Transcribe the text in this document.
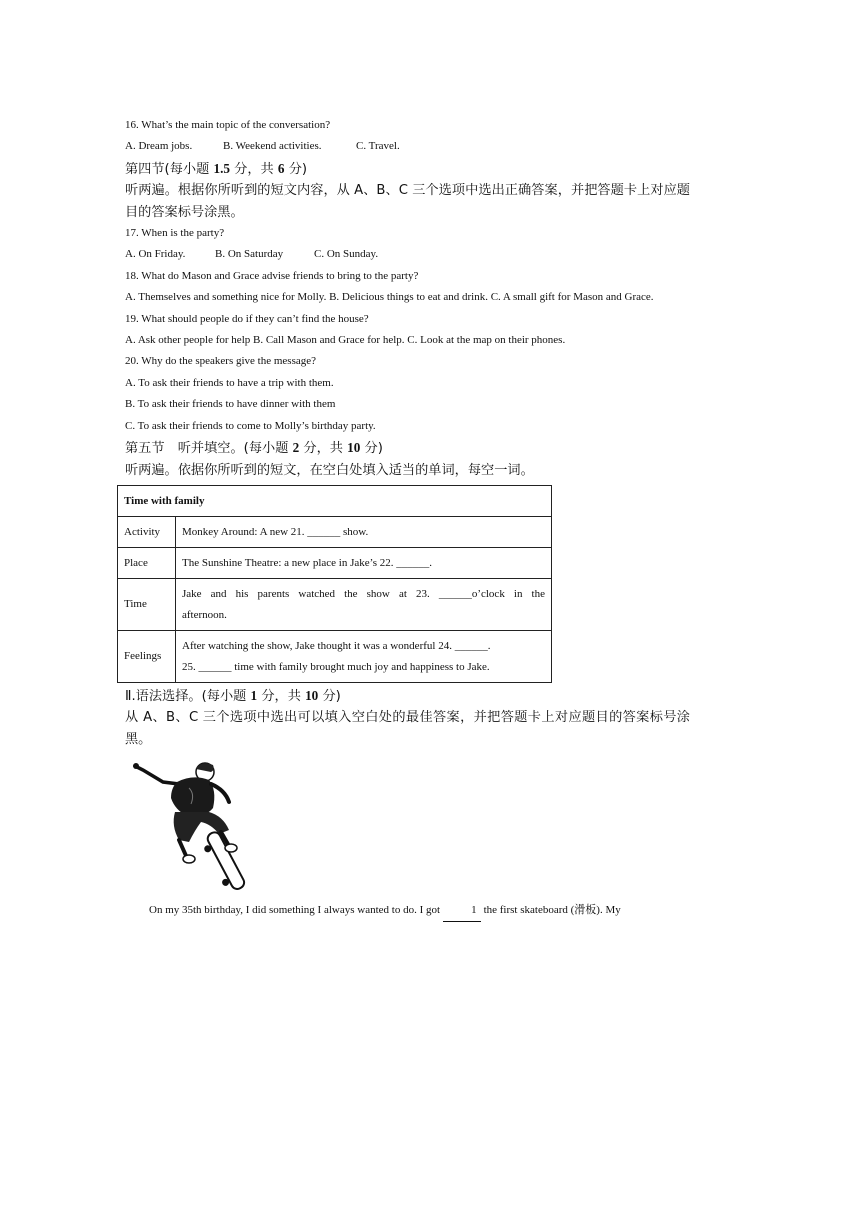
16. What’s the main topic of the conversation?
A. Dream jobs.	B. Weekend activities.	C. Travel.
第四节(每小题 1.5 分，共 6 分)
听两遍。根据你所听到的短文内容，从 A、B、C 三个选项中选出正确答案，并把答题卡上对应题目的答案标号涂黑。
17. When is the party?
A. On Friday.	B. On Saturday	C. On Sunday.
18. What do Mason and Grace advise friends to bring to the party?
A. Themselves and something nice for Molly. B. Delicious things to eat and drink. C. A small gift for Mason and Grace.
19. What should people do if they can’t find the house?
A. Ask other people for help B. Call Mason and Grace for help. C. Look at the map on their phones.
20. Why do the speakers give the message?
A. To ask their friends to have a trip with them.
B. To ask their friends to have dinner with them
C. To ask their friends to come to Molly’s birthday party.
第五节　听并填空。(每小题 2 分，共 10 分)
听两遍。依据你所听到的短文，在空白处填入适当的单词，每空一词。
Time with family	
Activity	Monkey Around: A new 21. ______ show.
Place	The Sunshine Theatre: a new place in Jake’s 22. ______.
Time	Jake and his parents watched the show at 23. ______o’clock in the
afternoon.
Feelings	After watching the show, Jake thought it was a wonderful 24. ______.
25. ______ time with family brought much joy and happiness to Jake.
Ⅱ.语法选择。(每小题 1 分，共 10 分)
从 A、B、C 三个选项中选出可以填入空白处的最佳答案，并把答题卡上对应题目的答案标号涂黑。
On my 35th birthday, I did something I always wanted to do. I got	1 the first skateboard (滑板). My
